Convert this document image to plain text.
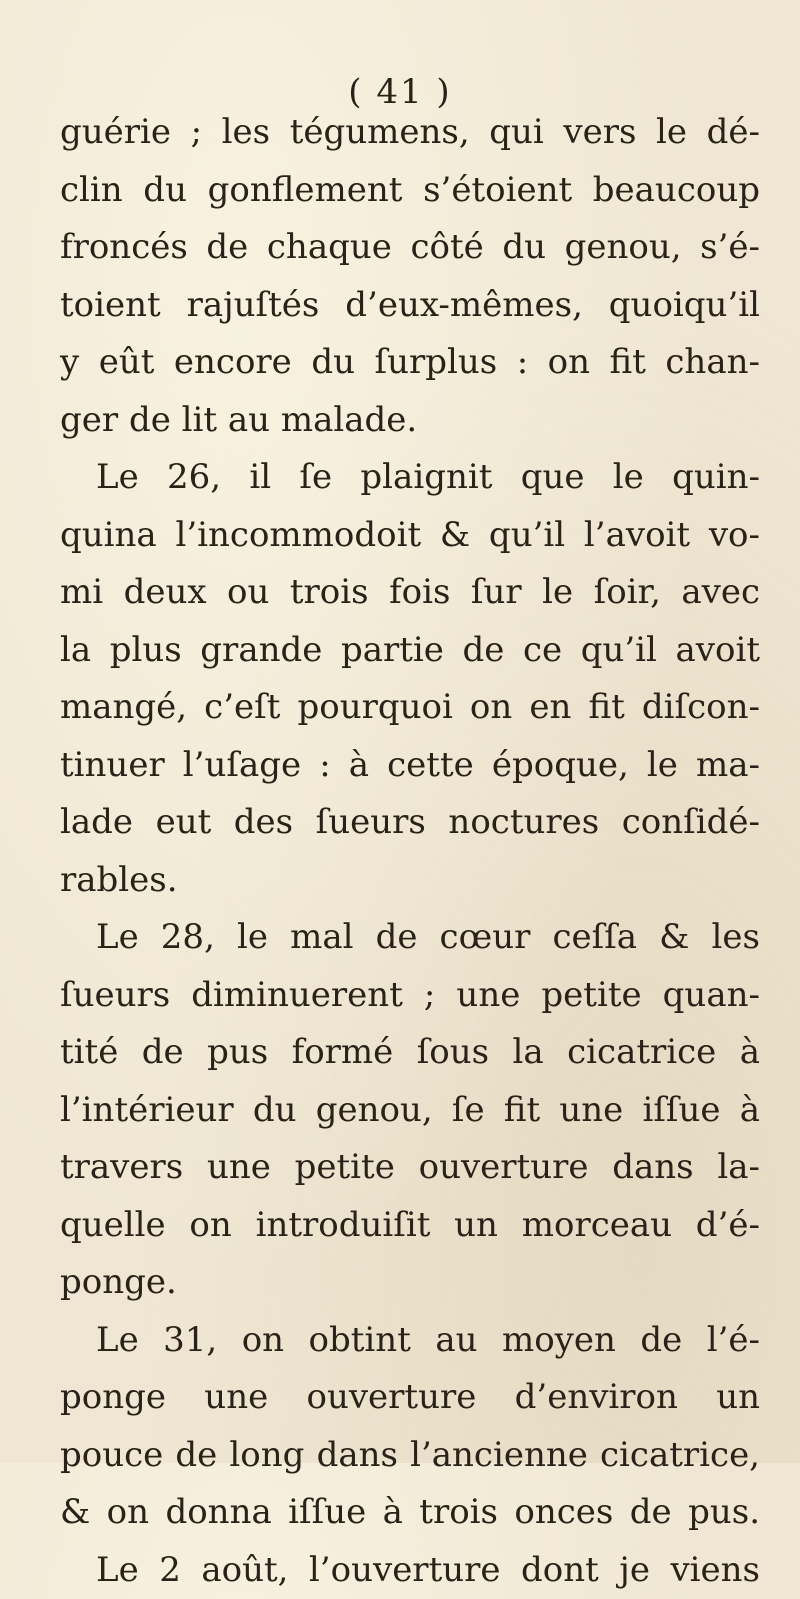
( 41 )
guérie ; les tégumens, qui vers le dé-
clin du gonflement s’étoient beaucoup
froncés de chaque côté du genou, s’é-
toient rajuſtés d’eux-mêmes, quoiqu’il
y eût encore du ſurplus : on fit chan-
ger de lit au malade.
Le 26, il ſe plaignit que le quin-
quina l’incommodoit & qu’il l’avoit vo-
mi deux ou trois fois ſur le ſoir, avec
la plus grande partie de ce qu’il avoit
mangé, c’eſt pourquoi on en fit diſcon-
tinuer l’uſage : à cette époque, le ma-
lade eut des ſueurs noctures conſidé-
rables.
Le 28, le mal de cœur ceſſa & les
ſueurs diminuerent ; une petite quan-
tité de pus formé ſous la cicatrice à
l’intérieur du genou, ſe fit une iſſue à
travers une petite ouverture dans la-
quelle on introduiſit un morceau d’é-
ponge.
Le 31, on obtint au moyen de l’é-
ponge une ouverture d’environ un
pouce de long dans l’ancienne cicatrice,
& on donna iſſue à trois onces de pus.
Le 2 août, l’ouverture dont je viens
